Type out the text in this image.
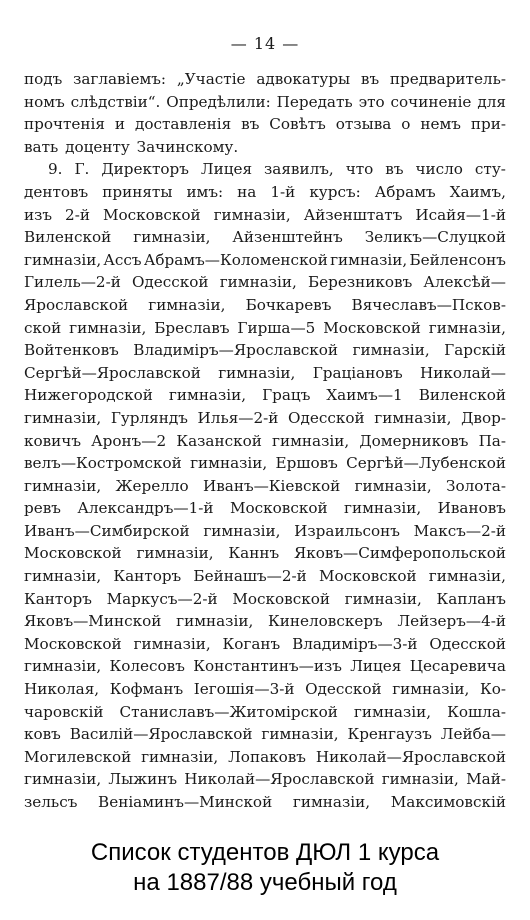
— 14 —
подъ заглавіемъ: „Участіе адвокатуры въ предваритель-
номъ слѣдствіи“. Опредѣлили: Передать это сочиненіе для
прочтенія и доставленія въ Совѣтъ отзыва о немъ при-
вать доценту Зачинскому.
9. Г. Директоръ Лицея заявилъ, что въ число сту-
дентовъ приняты имъ: на 1-й курсъ: Абрамъ Хаимъ,
изъ 2-й Московской гимназіи, Айзенштатъ Исайя—1-й
Виленской гимназіи, Айзенштейнъ Зеликъ—Слуцкой
гимназіи, Ассъ Абрамъ—Коломенской гимназіи, Бейленсонъ
Гилель—2-й Одесской гимназіи, Березниковъ Алексѣй—
Ярославской гимназіи, Бочкаревъ Вячеславъ—Псков-
ской гимназіи, Бреславъ Гирша—5 Московской гимназіи,
Войтенковъ Владиміръ—Ярославской гимназіи, Гарскій
Сергѣй—Ярославской гимназіи, Граціановъ Николай—
Нижегородской гимназіи, Грацъ Хаимъ—1 Виленской
гимназіи, Гурляндъ Илья—2-й Одесской гимназіи, Двор-
ковичъ Аронъ—2 Казанской гимназіи, Домерниковъ Па-
велъ—Костромской гимназіи, Ершовъ Сергѣй—Лубенской
гимназіи, Жерелло Иванъ—Кіевской гимназіи, Золота-
ревъ Александръ—1-й Московской гимназіи, Ивановъ
Иванъ—Симбирской гимназіи, Израильсонъ Максъ—2-й
Московской гимназіи, Каннъ Яковъ—Симферопольской
гимназіи, Канторъ Бейнашъ—2-й Московской гимназіи,
Канторъ Маркусъ—2-й Московской гимназіи, Капланъ
Яковъ—Минской гимназіи, Кинеловскеръ Лейзеръ—4-й
Московской гимназіи, Коганъ Владиміръ—3-й Одесской
гимназіи, Колесовъ Константинъ—изъ Лицея Цесаревича
Николая, Кофманъ Іегошія—3-й Одесской гимназіи, Ко-
чаровскій Станиславъ—Житомірской гимназіи, Кошла-
ковъ Василій—Ярославской гимназіи, Кренгаузъ Лейба—
Могилевской гимназіи, Лопаковъ Николай—Ярославской
гимназіи, Лыжинъ Николай—Ярославской гимназіи, Май-
зельсъ Веніаминъ—Минской гимназіи, Максимовскій
Список студентов ДЮЛ 1 курса
на 1887/88 учебный год
